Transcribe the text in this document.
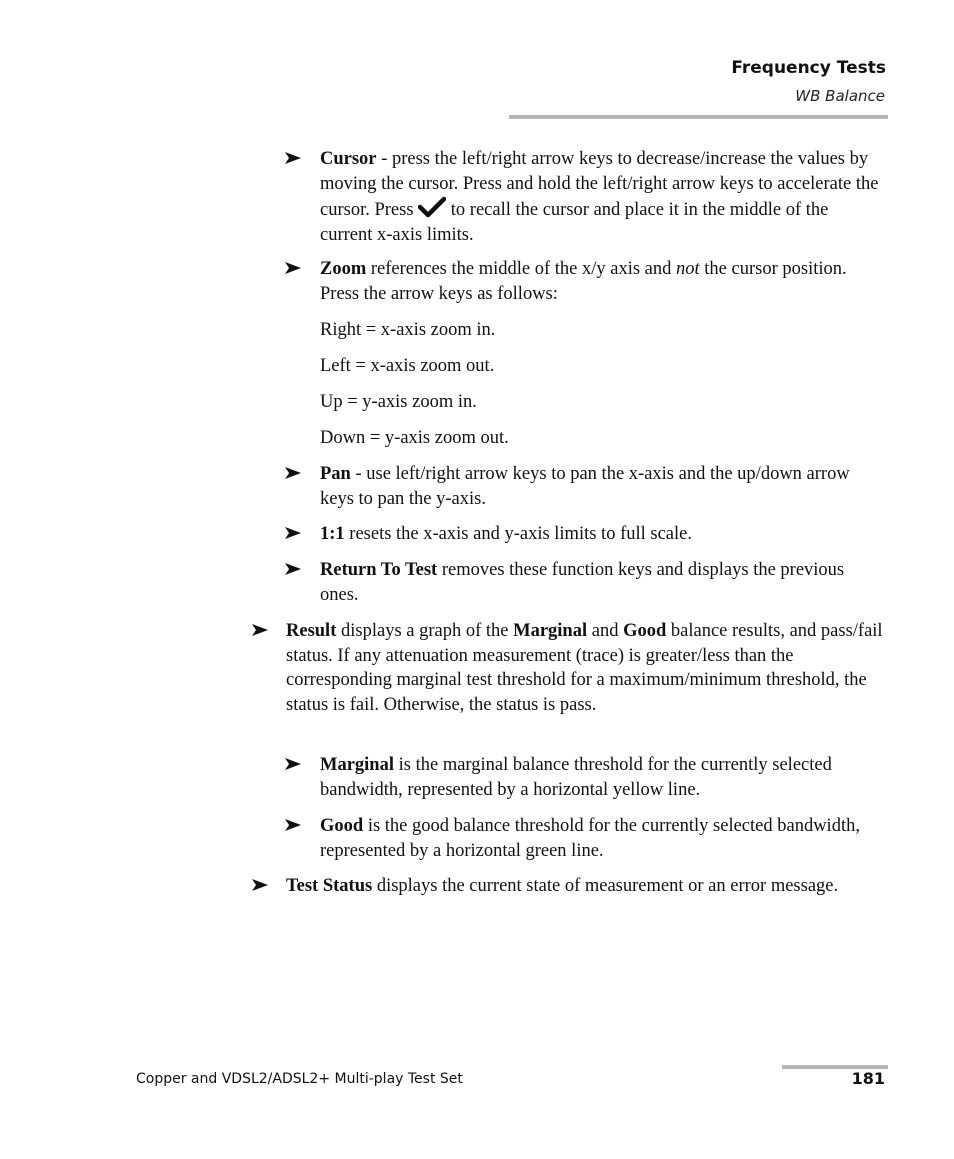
Frequency Tests
WB Balance
Cursor - press the left/right arrow keys to decrease/increase the values by moving the cursor. Press and hold the left/right arrow keys to accelerate the cursor. Press  to recall the cursor and place it in the middle of the current x-axis limits.
Zoom references the middle of the x/y axis and not the cursor position. Press the arrow keys as follows:
Right = x-axis zoom in.
Left = x-axis zoom out.
Up = y-axis zoom in.
Down = y-axis zoom out.
Pan - use left/right arrow keys to pan the x-axis and the up/down arrow keys to pan the y-axis.
1:1 resets the x-axis and y-axis limits to full scale.
Return To Test removes these function keys and displays the previous ones.
Result displays a graph of the Marginal and Good balance results, and pass/fail status. If any attenuation measurement (trace) is greater/less than the corresponding marginal test threshold for a maximum/minimum threshold, the status is fail. Otherwise, the status is pass.
Marginal is the marginal balance threshold for the currently selected bandwidth, represented by a horizontal yellow line.
Good is the good balance threshold for the currently selected bandwidth, represented by a horizontal green line.
Test Status displays the current state of measurement or an error message.
Copper and VDSL2/ADSL2+ Multi-play Test Set	181
